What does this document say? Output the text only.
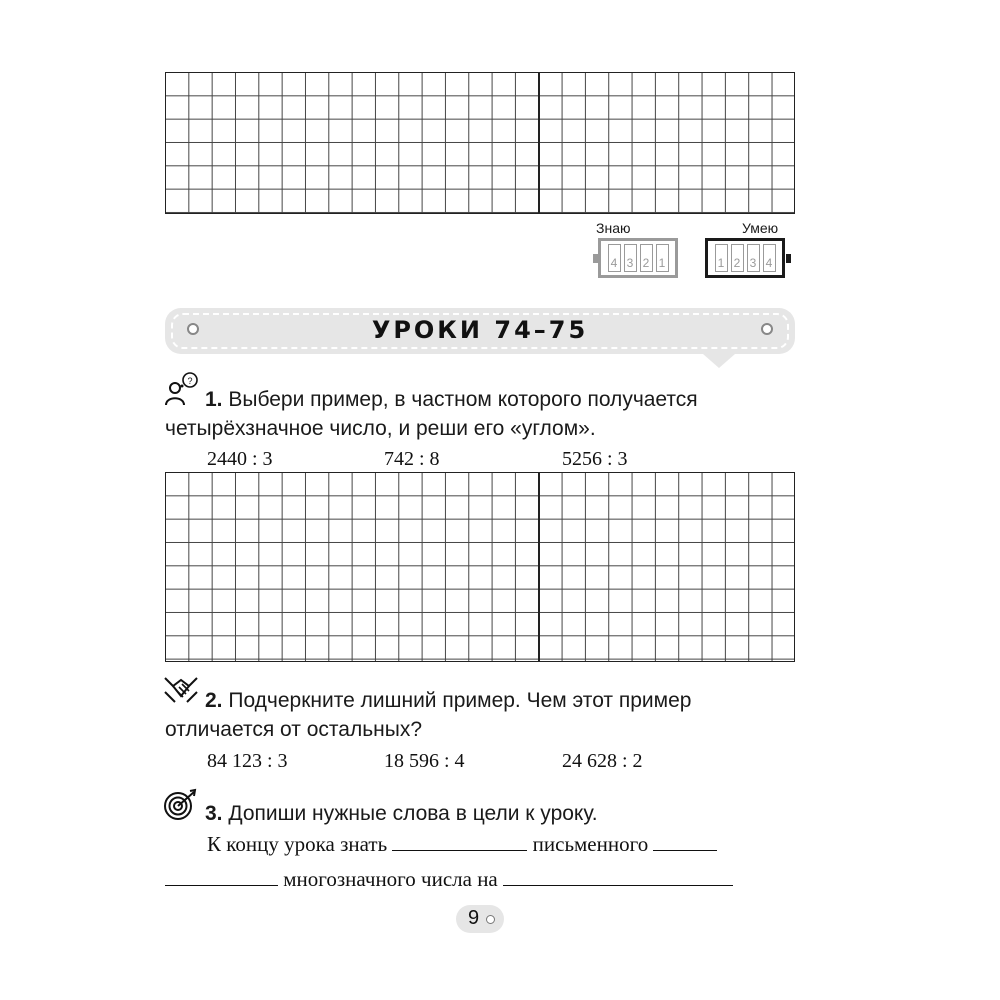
Знаю
4 3 2 1
Умею
1 2 3 4
УРОКИ 74–75
?
1. Выбери пример, в частном которого получается четырёхзначное число, и реши его «углом».
2440 : 3	742 : 8	5256 : 3
2. Подчеркните лишний пример. Чем этот пример отличается от остальных?
84 123 : 3	18 596 : 4	24 628 : 2
3. Допиши нужные слова в цели к уроку.
К концу урока знать	письменного
многозначного числа на
9
